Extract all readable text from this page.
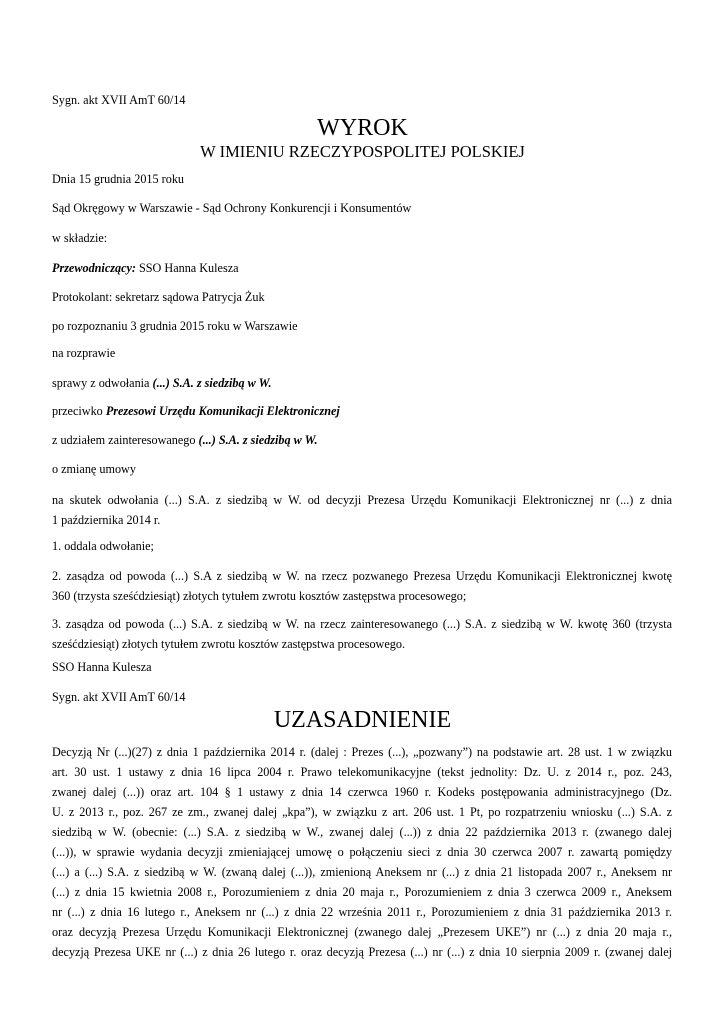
Sygn. akt XVII AmT 60/14
WYROK
W IMIENIU RZECZYPOSPOLITEJ POLSKIEJ
Dnia 15 grudnia 2015 roku
Sąd Okręgowy w Warszawie - Sąd Ochrony Konkurencji i Konsumentów
w składzie:
Przewodniczący: SSO Hanna Kulesza
Protokolant: sekretarz sądowa Patrycja Żuk
po rozpoznaniu 3 grudnia 2015 roku w Warszawie
na rozprawie
sprawy z odwołania (...) S.A. z siedzibą w W.
przeciwko Prezesowi Urzędu Komunikacji Elektronicznej
z udziałem zainteresowanego (...) S.A. z siedzibą w W.
o zmianę umowy
na skutek odwołania (...) S.A. z siedzibą w W. od decyzji Prezesa Urzędu Komunikacji Elektronicznej nr (...) z dnia
1 października 2014 r.
1. oddala odwołanie;
2. zasądza od powoda (...) S.A z siedzibą w W. na rzecz pozwanego Prezesa Urzędu Komunikacji Elektronicznej kwotę
360 (trzysta sześćdziesiąt) złotych tytułem zwrotu kosztów zastępstwa procesowego;
3. zasądza od powoda (...) S.A. z siedzibą w W. na rzecz zainteresowanego (...) S.A. z siedzibą w W. kwotę 360 (trzysta
sześćdziesiąt) złotych tytułem zwrotu kosztów zastępstwa procesowego.
SSO Hanna Kulesza
Sygn. akt XVII AmT 60/14
UZASADNIENIE
Decyzją Nr (...)(27) z dnia 1 października 2014 r. (dalej : Prezes (...), „pozwany”) na podstawie art. 28 ust. 1 w związku
art. 30 ust. 1 ustawy z dnia 16 lipca 2004 r. Prawo telekomunikacyjne (tekst jednolity: Dz. U. z 2014 r., poz. 243,
zwanej dalej (...)) oraz art. 104 § 1 ustawy z dnia 14 czerwca 1960 r. Kodeks postępowania administracyjnego (Dz.
U. z 2013 r., poz. 267 ze zm., zwanej dalej „kpa”), w związku z art. 206 ust. 1 Pt, po rozpatrzeniu wniosku (...) S.A. z
siedzibą w W. (obecnie: (...) S.A. z siedzibą w W., zwanej dalej (...)) z dnia 22 października 2013 r. (zwanego dalej
(...)), w sprawie wydania decyzji zmieniającej umowę o połączeniu sieci z dnia 30 czerwca 2007 r. zawartą pomiędzy
(...) a (...) S.A. z siedzibą w W. (zwaną dalej (...)), zmienioną Aneksem nr (...) z dnia 21 listopada 2007 r., Aneksem nr
(...) z dnia 15 kwietnia 2008 r., Porozumieniem z dnia 20 maja r., Porozumieniem z dnia 3 czerwca 2009 r., Aneksem
nr (...) z dnia 16 lutego r., Aneksem nr (...) z dnia 22 września 2011 r., Porozumieniem z dnia 31 października 2013 r.
oraz decyzją Prezesa Urzędu Komunikacji Elektronicznej (zwanego dalej „Prezesem UKE”) nr (...) z dnia 20 maja r.,
decyzją Prezesa UKE nr (...) z dnia 26 lutego r. oraz decyzją Prezesa (...) nr (...) z dnia 10 sierpnia 2009 r. (zwanej dalej
